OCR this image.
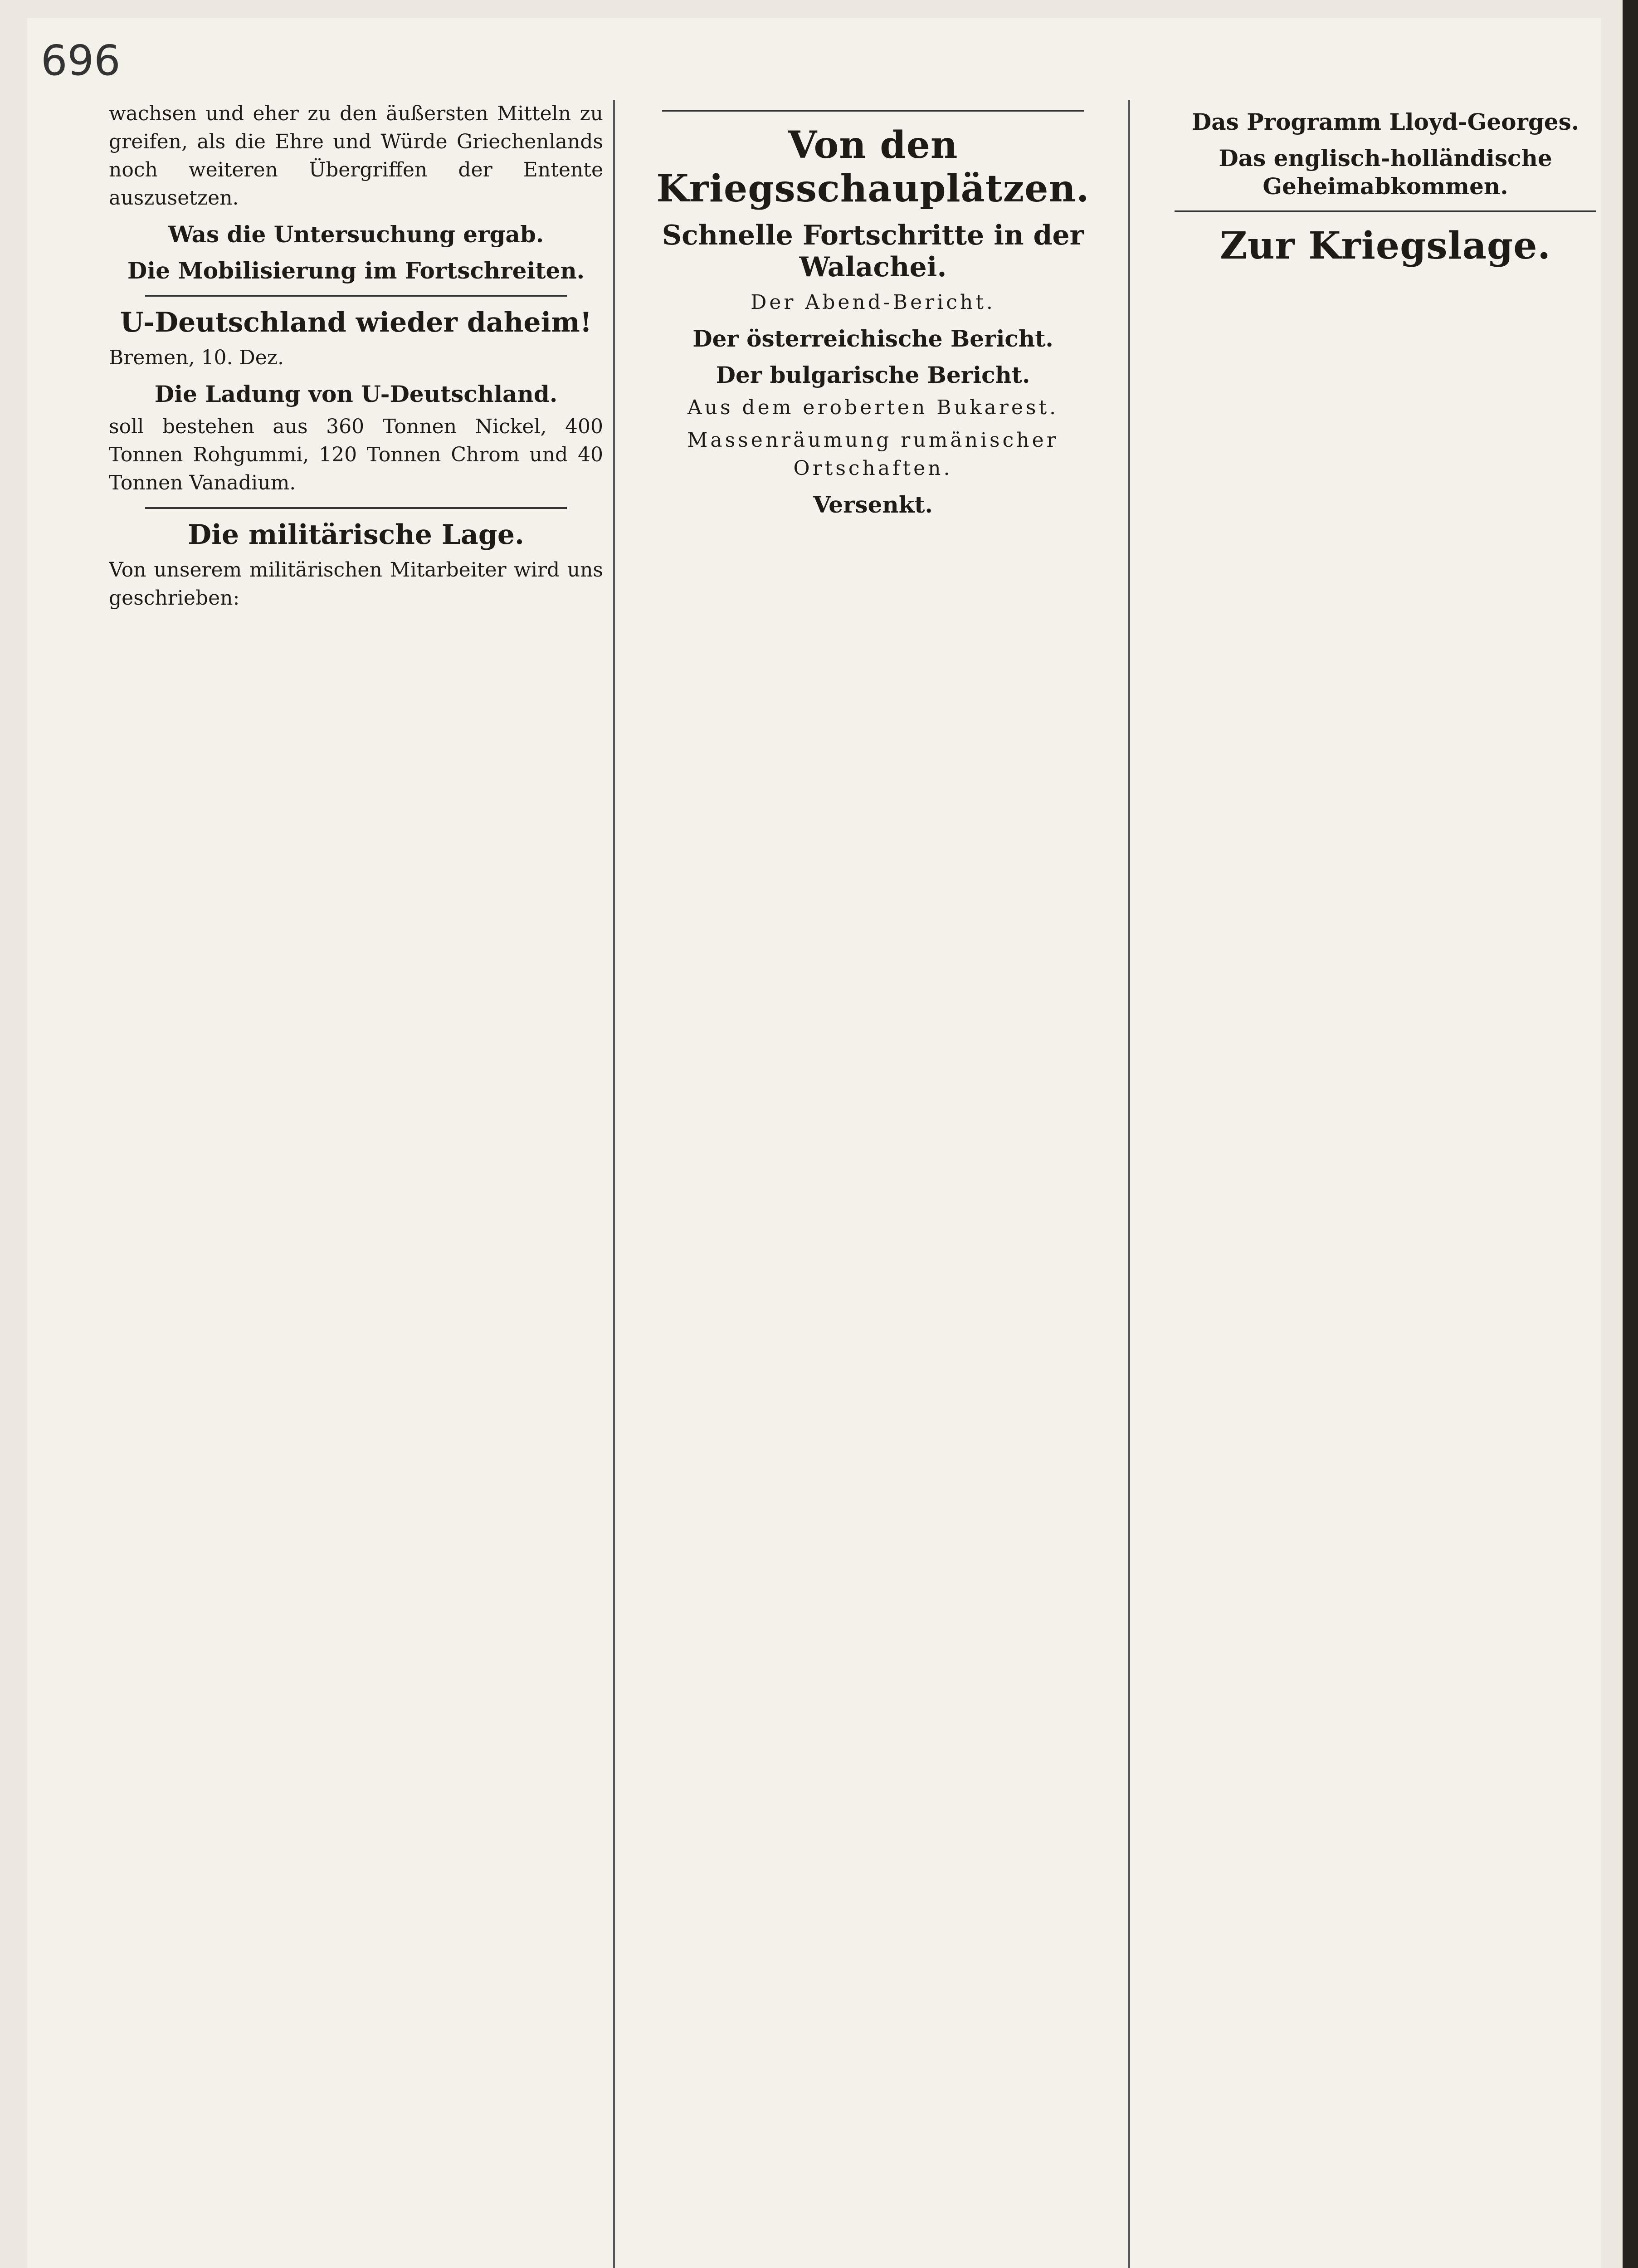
696

wachsen und eher zu den äußersten Mitteln zu greifen, als die Ehre und Würde Griechenlands noch weiteren Übergriffen der Entente auszusetzen.

Was die Untersuchung ergab.

Die Mobilisierung im Fortschreiten.

U-Deutschland wieder daheim!

Bremen, 10. Dez.

Die Ladung von U-Deutschland.

soll bestehen aus 360 Tonnen Nickel, 400 Tonnen Rohgummi, 120 Tonnen Chrom und 40 Tonnen Vanadium.

Die militärische Lage.

Von unserem militärischen Mitarbeiter wird uns geschrieben:

Von den Kriegsschauplätzen.
Schnelle Fortschritte in der Walachei.
Der Abend-Bericht.

Der österreichische Bericht.

Der bulgarische Bericht.

Aus dem eroberten Bukarest.

Massenräumung rumänischer Ortschaften.

Versenkt.

Das Programm Lloyd-Georges.

Das englisch-holländische Geheimabkommen.

Zur Kriegslage.
